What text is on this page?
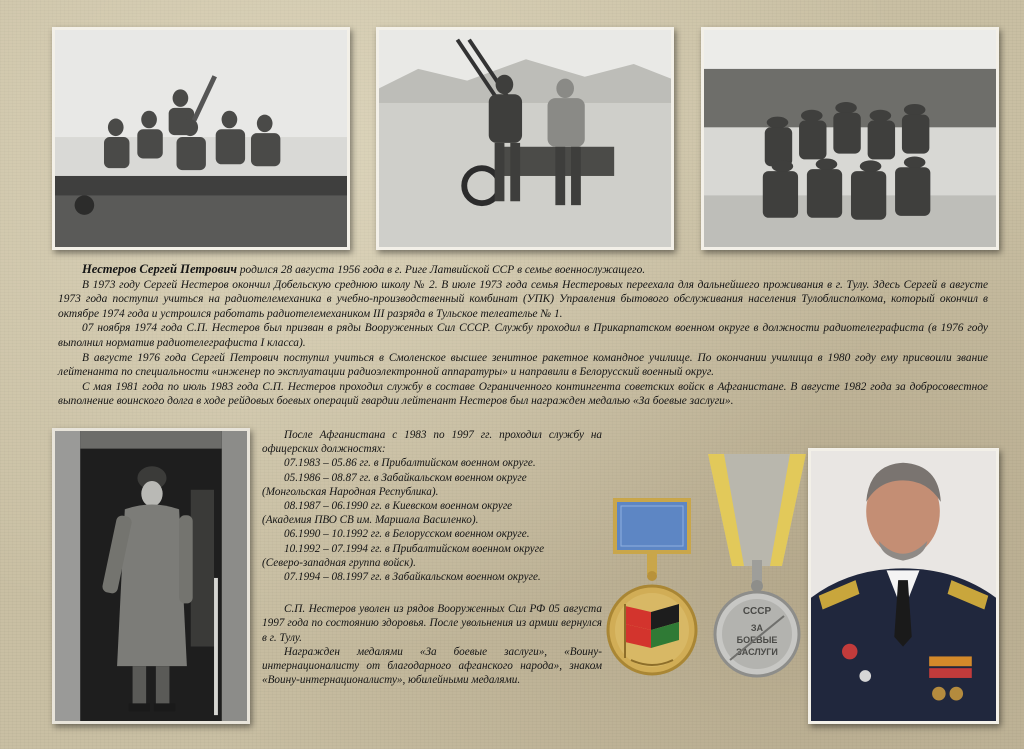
Нестеров Сергей Петрович родился 28 августа 1956 года в г. Риге Латвийской ССР в семье военнослужащего.

В 1973 году Сергей Нестеров окончил Добельскую среднюю школу № 2. В июле 1973 года семья Нестеровых переехала для дальнейшего проживания в г. Тулу. Здесь Сергей в августе 1973 года поступил учиться на радиотелемеханика в учебно-производственный комбинат (УПК) Управления бытового обслуживания населения Тулоблисполкома, который окончил в октябре 1974 года и устроился работать радиотелемехаником III разряда в Тульское телеателье № 1.

07 ноября 1974 года С.П. Нестеров был призван в ряды Вооруженных Сил СССР. Службу проходил в Прикарпатском военном округе в должности радиотелеграфиста (в 1976 году выполнил норматив радиотелеграфиста I класса).

В августе 1976 года Сергей Петрович поступил учиться в Смоленское высшее зенитное ракетное командное училище. По окончании училища в 1980 году ему присвоили звание лейтенанта по специальности «инженер по эксплуатации радиоэлектронной аппаратуры» и направили в Белорусский военный округ.

С мая 1981 года по июль 1983 года С.П. Нестеров проходил службу в составе Ограниченного контингента советских войск в Афганистане. В августе 1982 года за добросовестное выполнение воинского долга в ходе рейдовых боевых операций гвардии лейтенант Нестеров был награжден медалью «За боевые заслуги».

После Афганистана с 1983 по 1997 гг. проходил службу на офицерских должностях:

07.1983 – 05.86 гг. в Прибалтийском военном округе.

05.1986 – 08.87 гг. в Забайкальском военном округе

(Монгольская Народная Республика).

08.1987 – 06.1990 гг. в Киевском военном округе

(Академия ПВО СВ им. Маршала Василенко).

06.1990 – 10.1992 гг. в Белорусском военном округе.

10.1992 – 07.1994 гг. в Прибалтийском военном округе

(Северо-западная группа войск).

07.1994 – 08.1997 гг. в Забайкальском военном округе.

С.П. Нестеров уволен из рядов Вооруженных Сил РФ 05 августа 1997 года по состоянию здоровья. После увольнения из армии вернулся в г. Тулу.

Награжден медалями «За боевые заслуги», «Воину-интернационалисту от благодарного афганского народа», знаком «Воину-интернационалисту», юбилейными медалями.

СССР
ЗА
БОЕВЫЕ
ЗАСЛУГИ
